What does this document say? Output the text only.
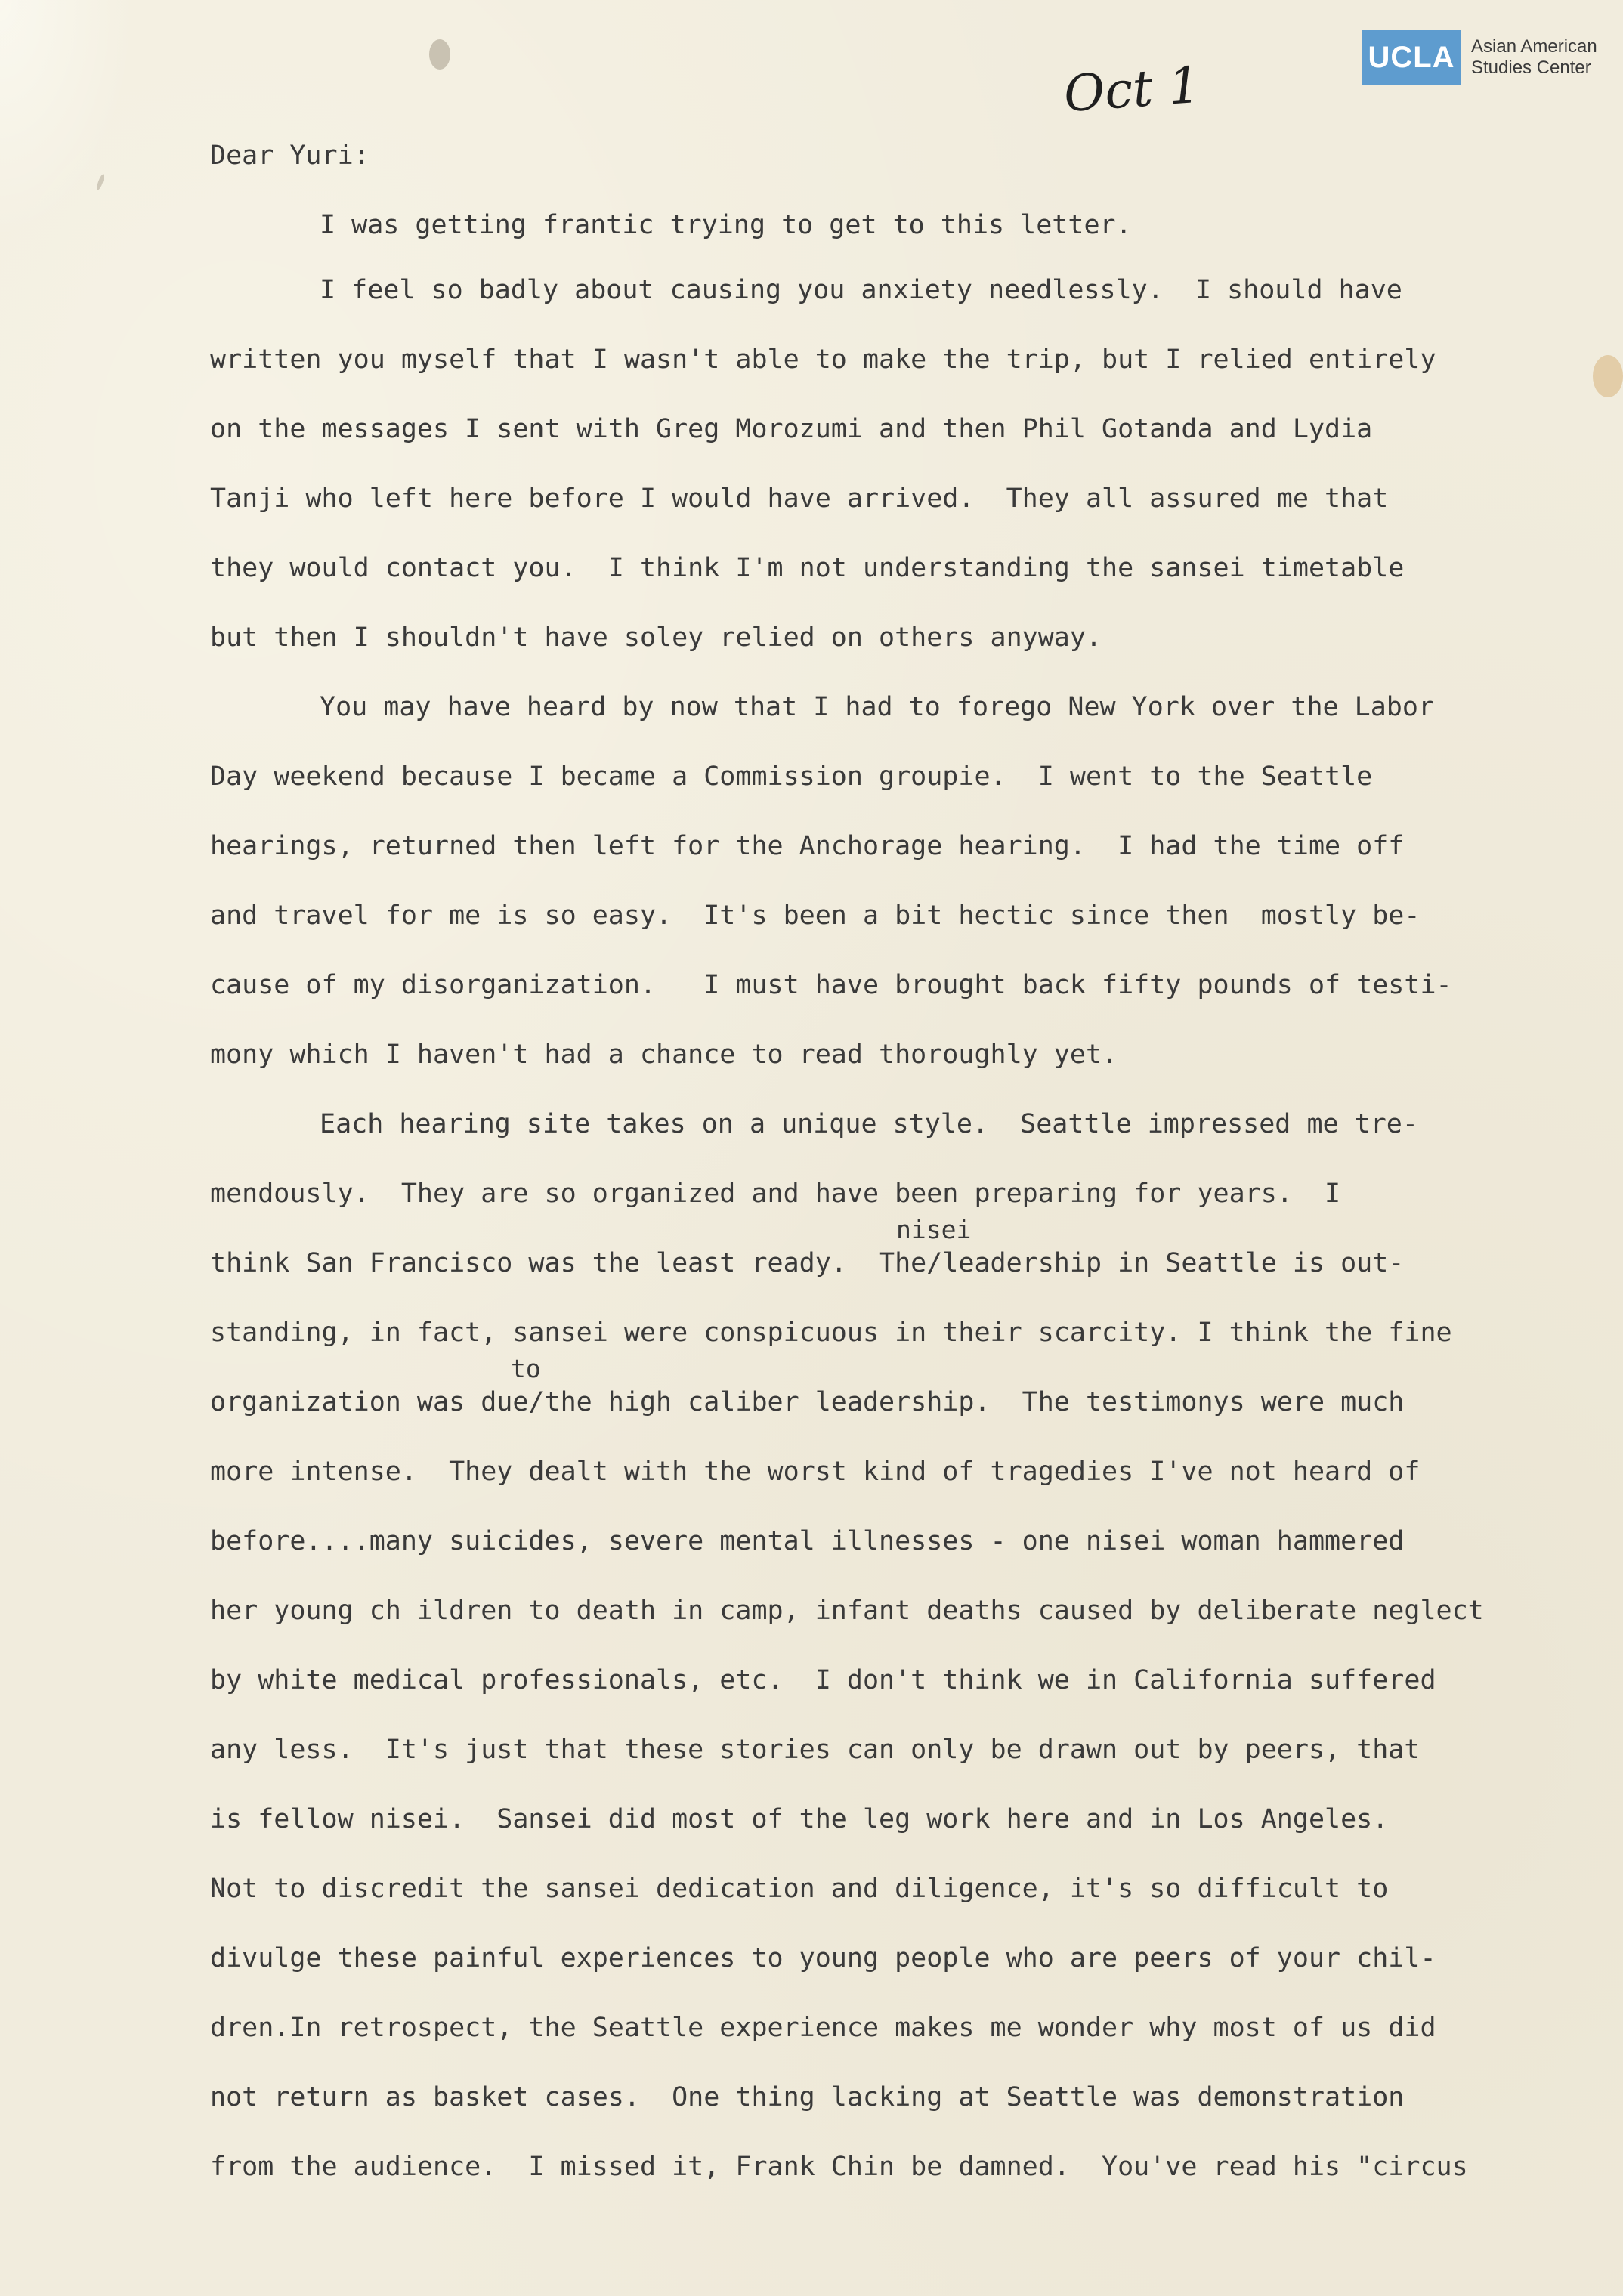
UCLA Asian American
Studies Center
Oct 1
Dear Yuri:
I was getting frantic trying to get to this letter.
I feel so badly about causing you anxiety needlessly.  I should have
written you myself that I wasn't able to make the trip, but I relied entirely
on the messages I sent with Greg Morozumi and then Phil Gotanda and Lydia
Tanji who left here before I would have arrived.  They all assured me that
they would contact you.  I think I'm not understanding the sansei timetable
but then I shouldn't have soley relied on others anyway.
You may have heard by now that I had to forego New York over the Labor
Day weekend because I became a Commission groupie.  I went to the Seattle
hearings, returned then left for the Anchorage hearing.  I had the time off
and travel for me is so easy.  It's been a bit hectic since then  mostly be-
cause of my disorganization.   I must have brought back fifty pounds of testi-
mony which I haven't had a chance to read thoroughly yet.
Each hearing site takes on a unique style.  Seattle impressed me tre-
mendously.  They are so organized and have been preparing for years.  I
nisei
think San Francisco was the least ready.  The/leadership in Seattle is out-
standing, in fact, sansei were conspicuous in their scarcity. I think the fine
to
organization was due/the high caliber leadership.  The testimonys were much
more intense.  They dealt with the worst kind of tragedies I've not heard of
before....many suicides, severe mental illnesses - one nisei woman hammered
her young ch ildren to death in camp, infant deaths caused by deliberate neglect
by white medical professionals, etc.  I don't think we in California suffered
any less.  It's just that these stories can only be drawn out by peers, that
is fellow nisei.  Sansei did most of the leg work here and in Los Angeles.
Not to discredit the sansei dedication and diligence, it's so difficult to
divulge these painful experiences to young people who are peers of your chil-
dren.In retrospect, the Seattle experience makes me wonder why most of us did
not return as basket cases.  One thing lacking at Seattle was demonstration
from the audience.  I missed it, Frank Chin be damned.  You've read his "circus
